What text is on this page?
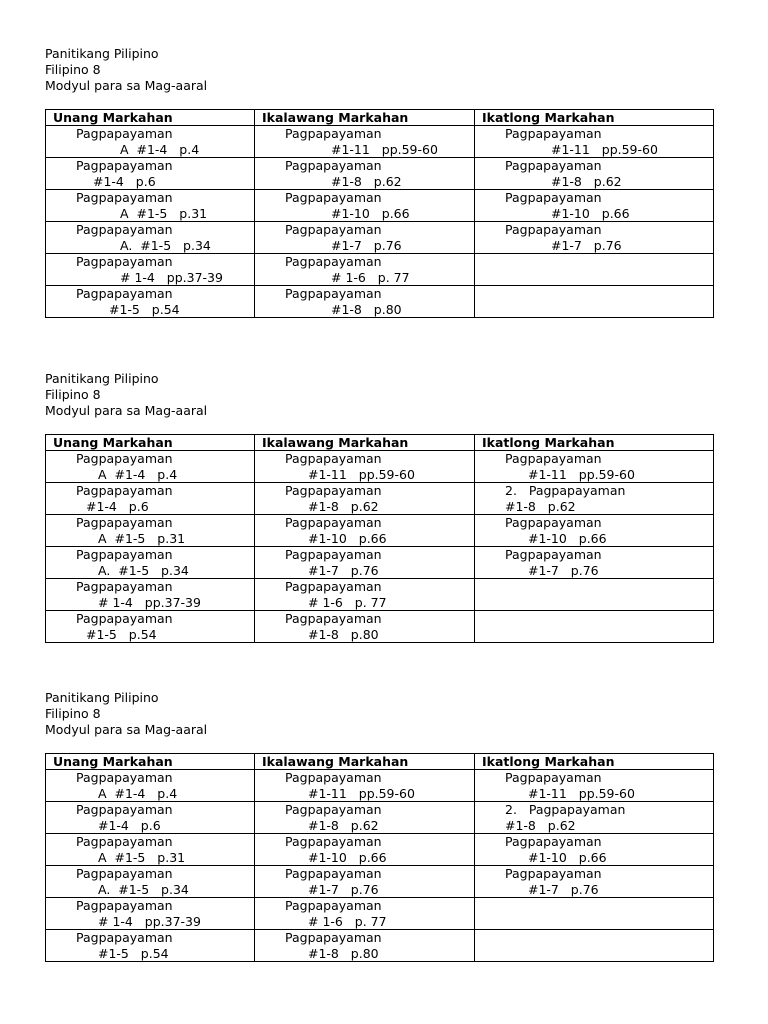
Panitikang Pilipino
Filipino 8
Modyul para sa Mag-aaral
Unang Markahan	Ikalawang Markahan	Ikatlong Markahan

Pagpapayaman
A  #1-4   p.4	Pagpapayaman
#1-11   pp.59-60	Pagpapayaman
#1-11   pp.59-60

Pagpapayaman
#1-4   p.6	Pagpapayaman
#1-8   p.62	Pagpapayaman
#1-8   p.62

Pagpapayaman
A  #1-5   p.31	Pagpapayaman
#1-10   p.66	Pagpapayaman
#1-10   p.66

Pagpapayaman
A.  #1-5   p.34	Pagpapayaman
#1-7   p.76	Pagpapayaman
#1-7   p.76

Pagpapayaman
# 1-4   pp.37-39	Pagpapayaman
# 1-6   p. 77	

Pagpapayaman
#1-5   p.54	Pagpapayaman
#1-8   p.80	

Panitikang Pilipino
Filipino 8
Modyul para sa Mag-aaral
Unang Markahan	Ikalawang Markahan	Ikatlong Markahan

Pagpapayaman
A  #1-4   p.4	Pagpapayaman
#1-11   pp.59-60	Pagpapayaman
#1-11   pp.59-60

Pagpapayaman
#1-4   p.6	Pagpapayaman
#1-8   p.62	2.   Pagpapayaman
#1-8   p.62

Pagpapayaman
A  #1-5   p.31	Pagpapayaman
#1-10   p.66	Pagpapayaman
#1-10   p.66

Pagpapayaman
A.  #1-5   p.34	Pagpapayaman
#1-7   p.76	Pagpapayaman
#1-7   p.76

Pagpapayaman
# 1-4   pp.37-39	Pagpapayaman
# 1-6   p. 77	

Pagpapayaman
#1-5   p.54	Pagpapayaman
#1-8   p.80	

Panitikang Pilipino
Filipino 8
Modyul para sa Mag-aaral
Unang Markahan	Ikalawang Markahan	Ikatlong Markahan

Pagpapayaman
A  #1-4   p.4	Pagpapayaman
#1-11   pp.59-60	Pagpapayaman
#1-11   pp.59-60

Pagpapayaman
#1-4   p.6	Pagpapayaman
#1-8   p.62	2.   Pagpapayaman
#1-8   p.62

Pagpapayaman
A  #1-5   p.31	Pagpapayaman
#1-10   p.66	Pagpapayaman
#1-10   p.66

Pagpapayaman
A.  #1-5   p.34	Pagpapayaman
#1-7   p.76	Pagpapayaman
#1-7   p.76

Pagpapayaman
# 1-4   pp.37-39	Pagpapayaman
# 1-6   p. 77	

Pagpapayaman
#1-5   p.54	Pagpapayaman
#1-8   p.80	
